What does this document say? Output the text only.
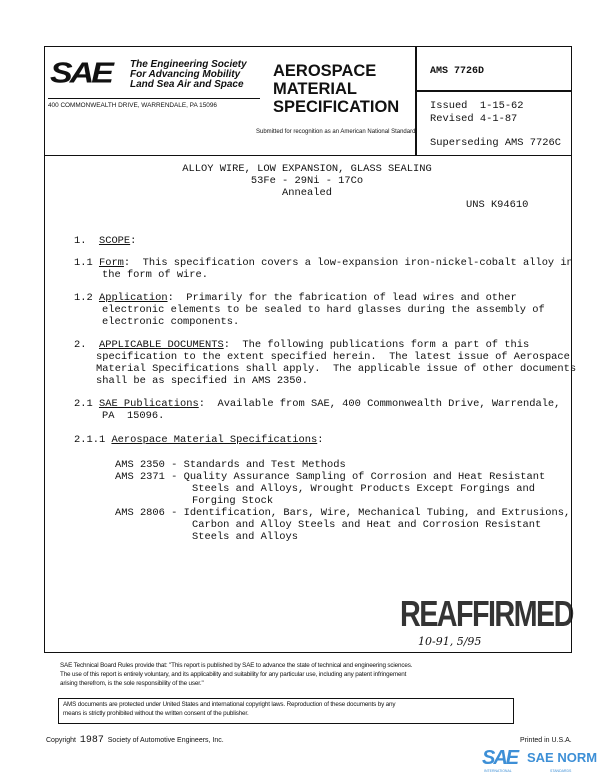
SAE The Engineering Society
For Advancing Mobility
Land Sea Air and Space
400 COMMONWEALTH DRIVE, WARRENDALE, PA 15096
AEROSPACE
MATERIAL
SPECIFICATION
Submitted for recognition as an American National Standard
AMS 7726D
Issued  1-15-62
Revised 4-1-87
Superseding AMS 7726C
ALLOY WIRE, LOW EXPANSION, GLASS SEALING
53Fe - 29Ni - 17Co
Annealed
UNS K94610
1. SCOPE:
1.1 Form:  This specification covers a low-expansion iron-nickel-cobalt alloy in
the form of wire.
1.2 Application:  Primarily for the fabrication of lead wires and other
electronic elements to be sealed to hard glasses during the assembly of
electronic components.
2. APPLICABLE DOCUMENTS:  The following publications form a part of this
specification to the extent specified herein.  The latest issue of Aerospace
Material Specifications shall apply.  The applicable issue of other documents
shall be as specified in AMS 2350.
2.1 SAE Publications:  Available from SAE, 400 Commonwealth Drive, Warrendale,
PA  15096.
2.1.1 Aerospace Material Specifications:
AMS 2350 - Standards and Test Methods
AMS 2371 - Quality Assurance Sampling of Corrosion and Heat Resistant
Steels and Alloys, Wrought Products Except Forgings and
Forging Stock
AMS 2806 - Identification, Bars, Wire, Mechanical Tubing, and Extrusions,
Carbon and Alloy Steels and Heat and Corrosion Resistant
Steels and Alloys
REAFFIRMED
10-91, 5/95
SAE Technical Board Rules provide that: "This report is published by SAE to advance the state of technical and engineering sciences.
The use of this report is entirely voluntary, and its applicability and suitability for any particular use, including any patent infringement
arising therefrom, is the sole responsibility of the user."
AMS documents are protected under United States and international copyright laws. Reproduction of these documents by any
means is strictly prohibited without the written consent of the publisher.
Copyright 1987 Society of Automotive Engineers, Inc.	Printed in U.S.A.
SAE SAE NORM
INTERNATIONAL	STANDARDS
